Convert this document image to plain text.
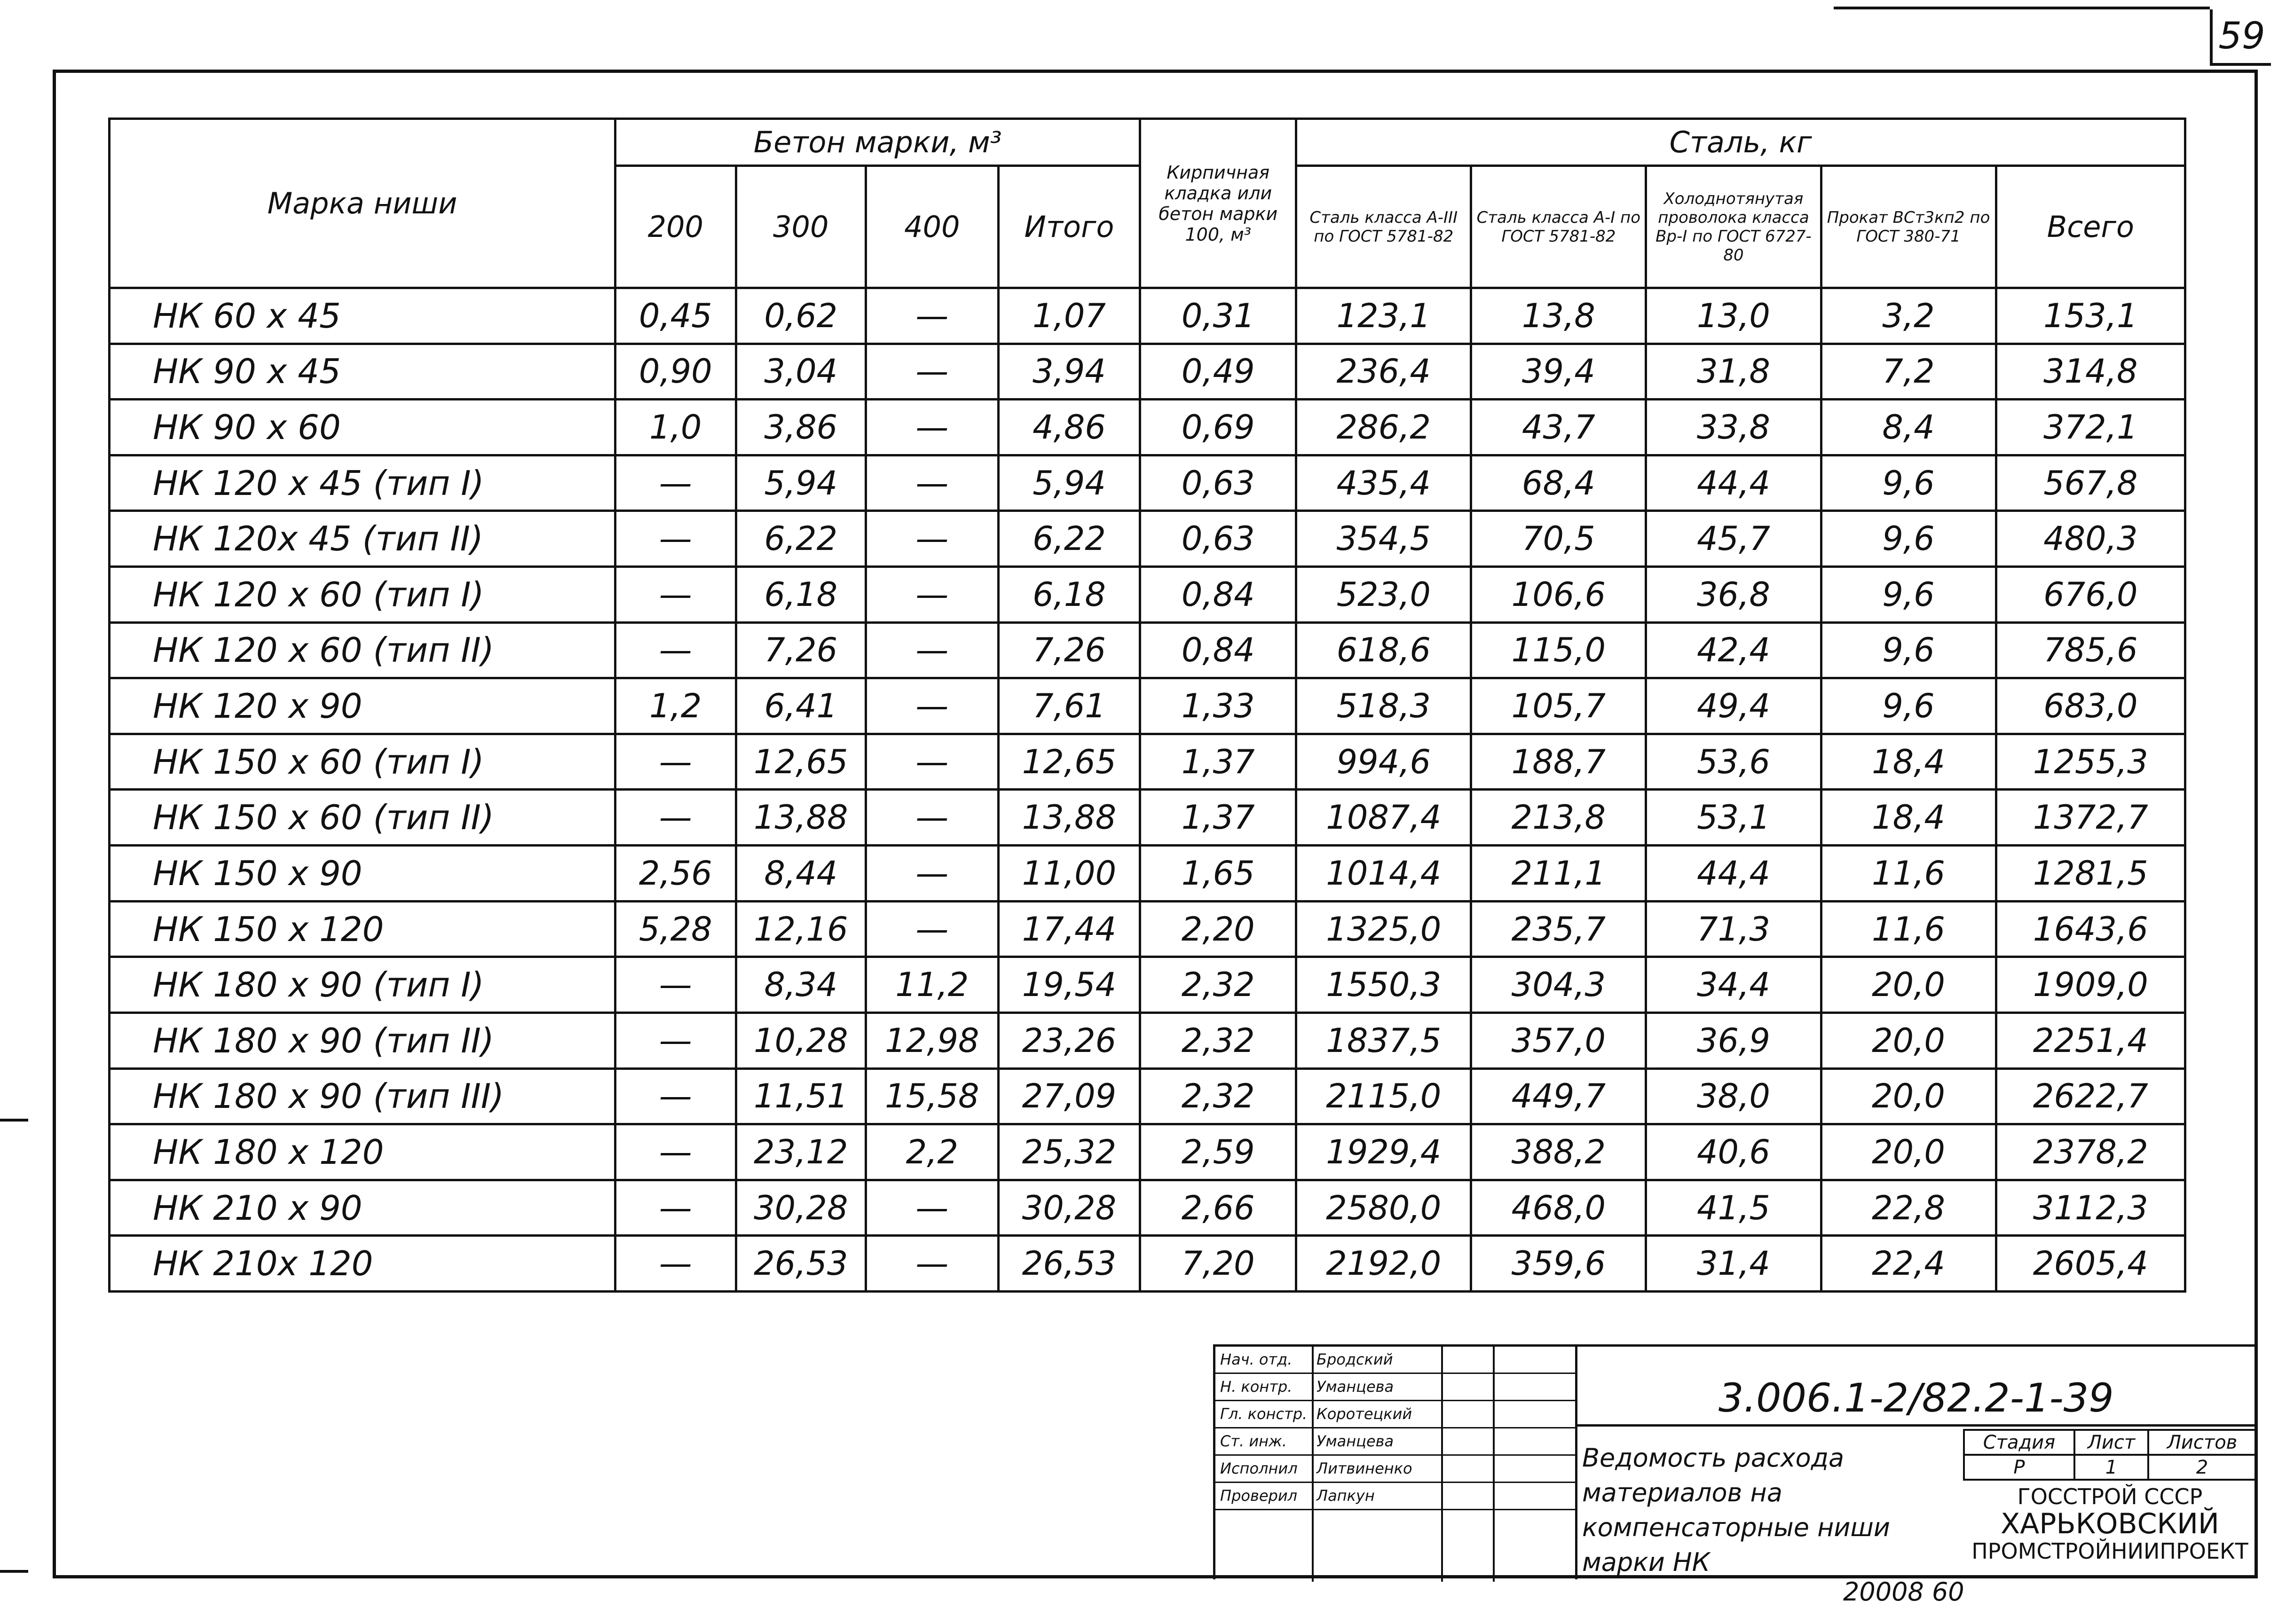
59
Марка ниши	Бетон марки, м³				Кирпичная кладка или бетон марки 100, м³	Сталь, кг				
	200	300	400	Итого		Сталь класса А-III по ГОСТ 5781-82	Сталь класса А-I по ГОСТ 5781-82	Холоднотянутая проволока класса Вр-I по ГОСТ 6727-80	Прокат ВСт3кп2 по ГОСТ 380-71	Всего
НК 60 х 45	0,45	0,62	—	1,07	0,31	123,1	13,8	13,0	3,2	153,1
НК 90 х 45	0,90	3,04	—	3,94	0,49	236,4	39,4	31,8	7,2	314,8
НК 90 х 60	1,0	3,86	—	4,86	0,69	286,2	43,7	33,8	8,4	372,1
НК 120 х 45 (тип I)	—	5,94	—	5,94	0,63	435,4	68,4	44,4	9,6	567,8
НК 120х 45 (тип II)	—	6,22	—	6,22	0,63	354,5	70,5	45,7	9,6	480,3
НК 120 х 60 (тип I)	—	6,18	—	6,18	0,84	523,0	106,6	36,8	9,6	676,0
НК 120 х 60 (тип II)	—	7,26	—	7,26	0,84	618,6	115,0	42,4	9,6	785,6
НК 120 х 90	1,2	6,41	—	7,61	1,33	518,3	105,7	49,4	9,6	683,0
НК 150 х 60 (тип I)	—	12,65	—	12,65	1,37	994,6	188,7	53,6	18,4	1255,3
НК 150 х 60 (тип II)	—	13,88	—	13,88	1,37	1087,4	213,8	53,1	18,4	1372,7
НК 150 х 90	2,56	8,44	—	11,00	1,65	1014,4	211,1	44,4	11,6	1281,5
НК 150 х 120	5,28	12,16	—	17,44	2,20	1325,0	235,7	71,3	11,6	1643,6
НК 180 х 90 (тип I)	—	8,34	11,2	19,54	2,32	1550,3	304,3	34,4	20,0	1909,0
НК 180 х 90 (тип II)	—	10,28	12,98	23,26	2,32	1837,5	357,0	36,9	20,0	2251,4
НК 180 х 90 (тип III)	—	11,51	15,58	27,09	2,32	2115,0	449,7	38,0	20,0	2622,7
НК 180 х 120	—	23,12	2,2	25,32	2,59	1929,4	388,2	40,6	20,0	2378,2
НК 210 х 90	—	30,28	—	30,28	2,66	2580,0	468,0	41,5	22,8	3112,3
НК 210х 120	—	26,53	—	26,53	7,20	2192,0	359,6	31,4	22,4	2605,4
Нач. отд.	Бродский
Н. контр.	Уманцева
Гл. констр. Коротецкий
Ст. инж.	Уманцева
Исполнил	Литвиненко
Проверил	Лапкун
3.006.1-2/82.2-1-39
Ведомость расхода материалов на компенсаторные ниши марки НК
Стадия	Лист	Листов
Р	1	2
ГОССТРОЙ СССР
ХАРЬКОВСКИЙ
ПРОМСТРОЙНИИПРОЕКТ
20008 60
